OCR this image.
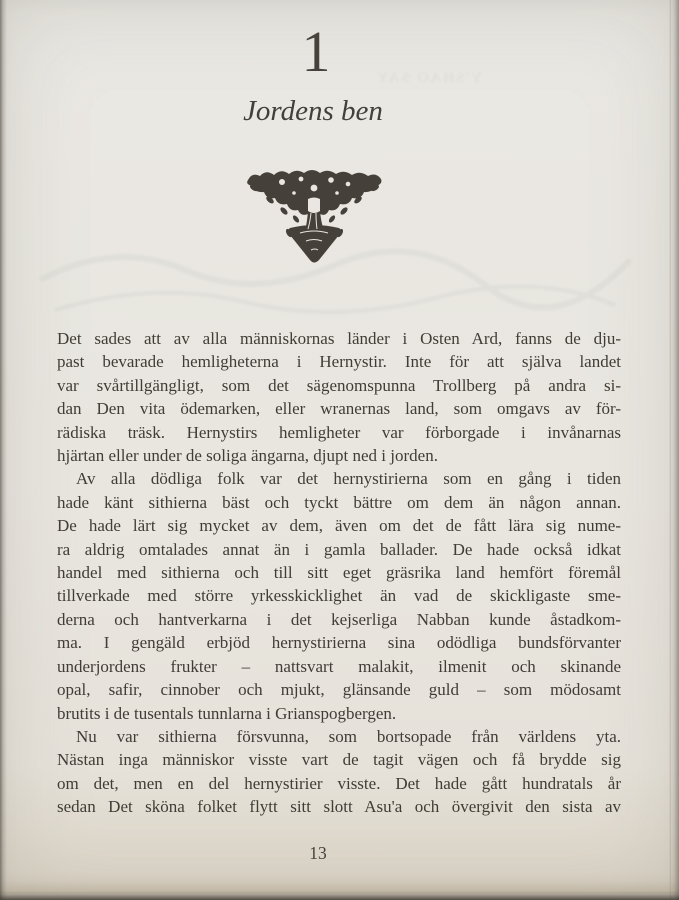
Y'SHAO SAY
1
Jordens ben
Det sades att av alla människornas länder i Osten Ard, fanns de dju-
past bevarade hemligheterna i Hernystir. Inte för att själva landet
var svårtillgängligt, som det sägenomspunna Trollberg på andra si-
dan Den vita ödemarken, eller wranernas land, som omgavs av för-
rädiska träsk. Hernystirs hemligheter var förborgade i invånarnas
hjärtan eller under de soliga ängarna, djupt ned i jorden.
Av alla dödliga folk var det hernystirierna som en gång i tiden
hade känt sithierna bäst och tyckt bättre om dem än någon annan.
De hade lärt sig mycket av dem, även om det de fått lära sig nume-
ra aldrig omtalades annat än i gamla ballader. De hade också idkat
handel med sithierna och till sitt eget gräsrika land hemfört föremål
tillverkade med större yrkesskicklighet än vad de skickligaste sme-
derna och hantverkarna i det kejserliga Nabban kunde åstadkom-
ma. I gengäld erbjöd hernystirierna sina odödliga bundsförvanter
underjordens frukter – nattsvart malakit, ilmenit och skinande
opal, safir, cinnober och mjukt, glänsande guld – som mödosamt
brutits i de tusentals tunnlarna i Grianspogbergen.
Nu var sithierna försvunna, som bortsopade från världens yta.
Nästan inga människor visste vart de tagit vägen och få brydde sig
om det, men en del hernystirier visste. Det hade gått hundratals år
sedan Det sköna folket flytt sitt slott Asu'a och övergivit den sista av
13
